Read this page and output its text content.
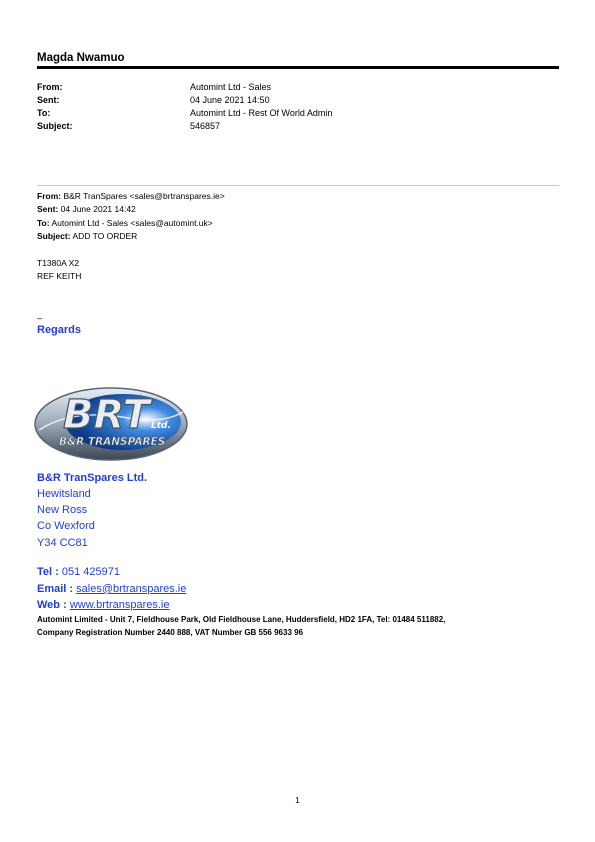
Magda Nwamuo
From:	Automint Ltd - Sales
Sent:	04 June 2021 14:50
To:	Automint Ltd - Rest Of World Admin
Subject:	546857
From: B&R TranSpares <sales@brtranspares.ie>
Sent: 04 June 2021 14:42
To: Automint Ltd - Sales <sales@automint.uk>
Subject: ADD TO ORDER
T1380A X2
REF KEITH
_
Regards
BRT Ltd.
B&R TRANSPARES
B&R TranSpares Ltd.
Hewitsland
New Ross
Co Wexford
Y34 CC81
Tel : 051 425971
Email : sales@brtranspares.ie
Web : www.brtranspares.ie
Automint Limited - Unit 7, Fieldhouse Park, Old Fieldhouse Lane, Huddersfield, HD2 1FA, Tel: 01484 511882,
Company Registration Number 2440 888, VAT Number GB 556 9633 96
1
